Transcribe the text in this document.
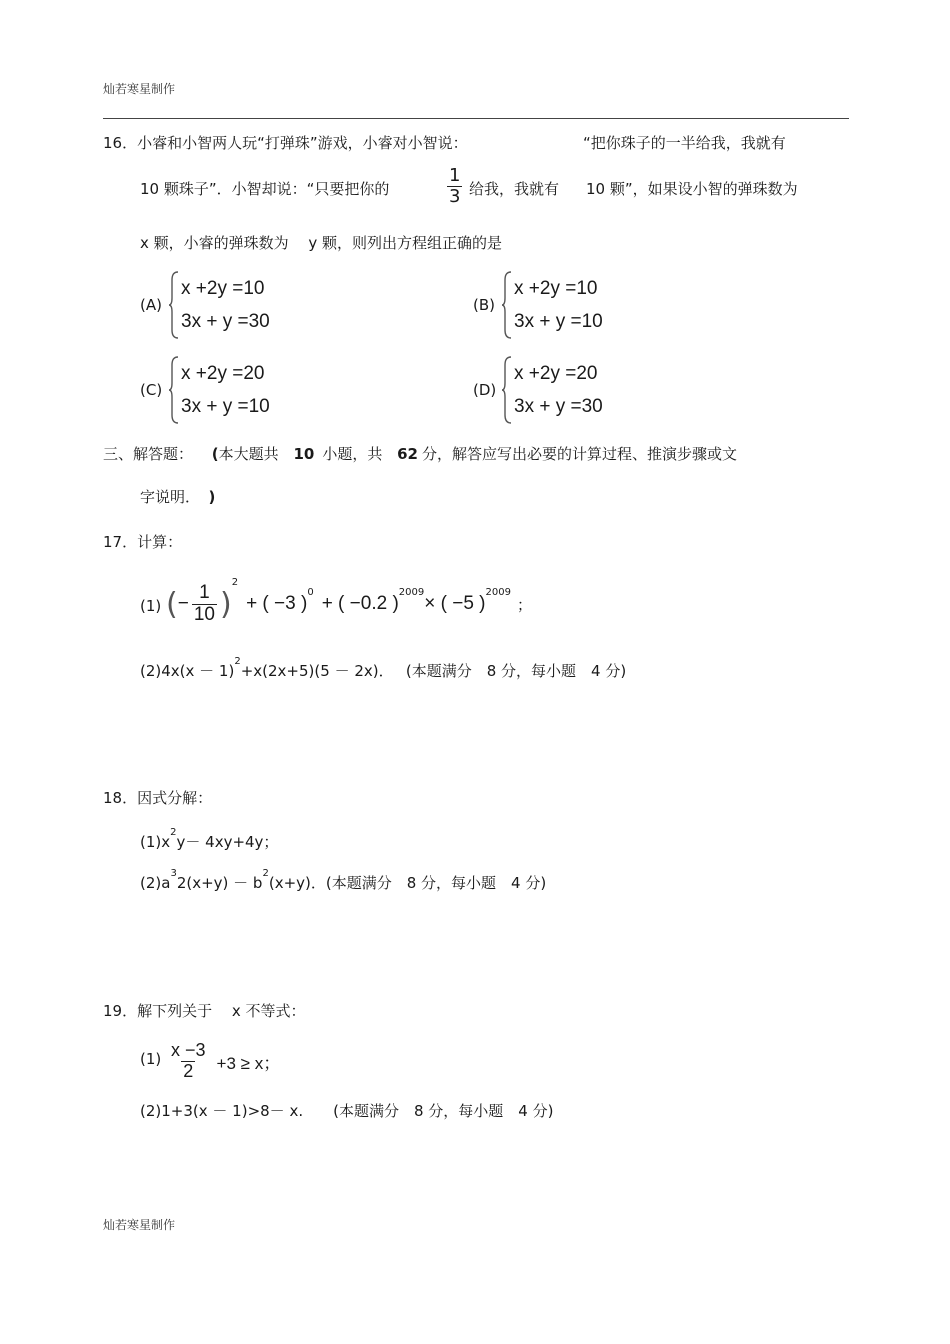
灿若寒星制作
16．小睿和小智两人玩“打弹珠”游戏，小睿对小智说：	“把你珠子的一半给我，我就有
10 颗珠子”．小智却说：“只要把你的	$\frac{1}{3}$ 给我，我就有 10 颗”，如果设小智的弹珠数为
x 颗，小睿的弹珠数为　 y 颗，则列出方程组正确的是
(A)
x +2y =10
3x + y =30
(B)
x +2y =10
3x + y =10
(C)
x +2y =20
3x + y =10
(D)
x +2y =20
3x + y =30
三、解答题： (本大题共 10 小题，共 62 分，解答应写出必要的计算过程、推演步骤或文
字说明． )
17．计算：
(1) ( − $\frac{1}{10}$ )
$^2$
+ ( −3 )
$^0$
+ ( −0.2 )
$^{2009}$
× ( −5 )
$^{2009}$
；
$(2)4x(x - 1)^2+x(2x+5)(5 - 2x)$．　 (本题满分　8 分，每小题　4 分)
18．因式分解：
$(1)x^2y- 4xy+4y$；
$(2)a^32(x+y) - b^2(x+y)$．(本题满分　8 分，每小题　4 分)
19．解下列关于　 x 不等式：
$(1) \frac{x -3}{2} +3 \ge x$；
(2)1+3(x － 1)>8－ x.　　(本题满分　8 分，每小题　4 分)
灿若寒星制作
